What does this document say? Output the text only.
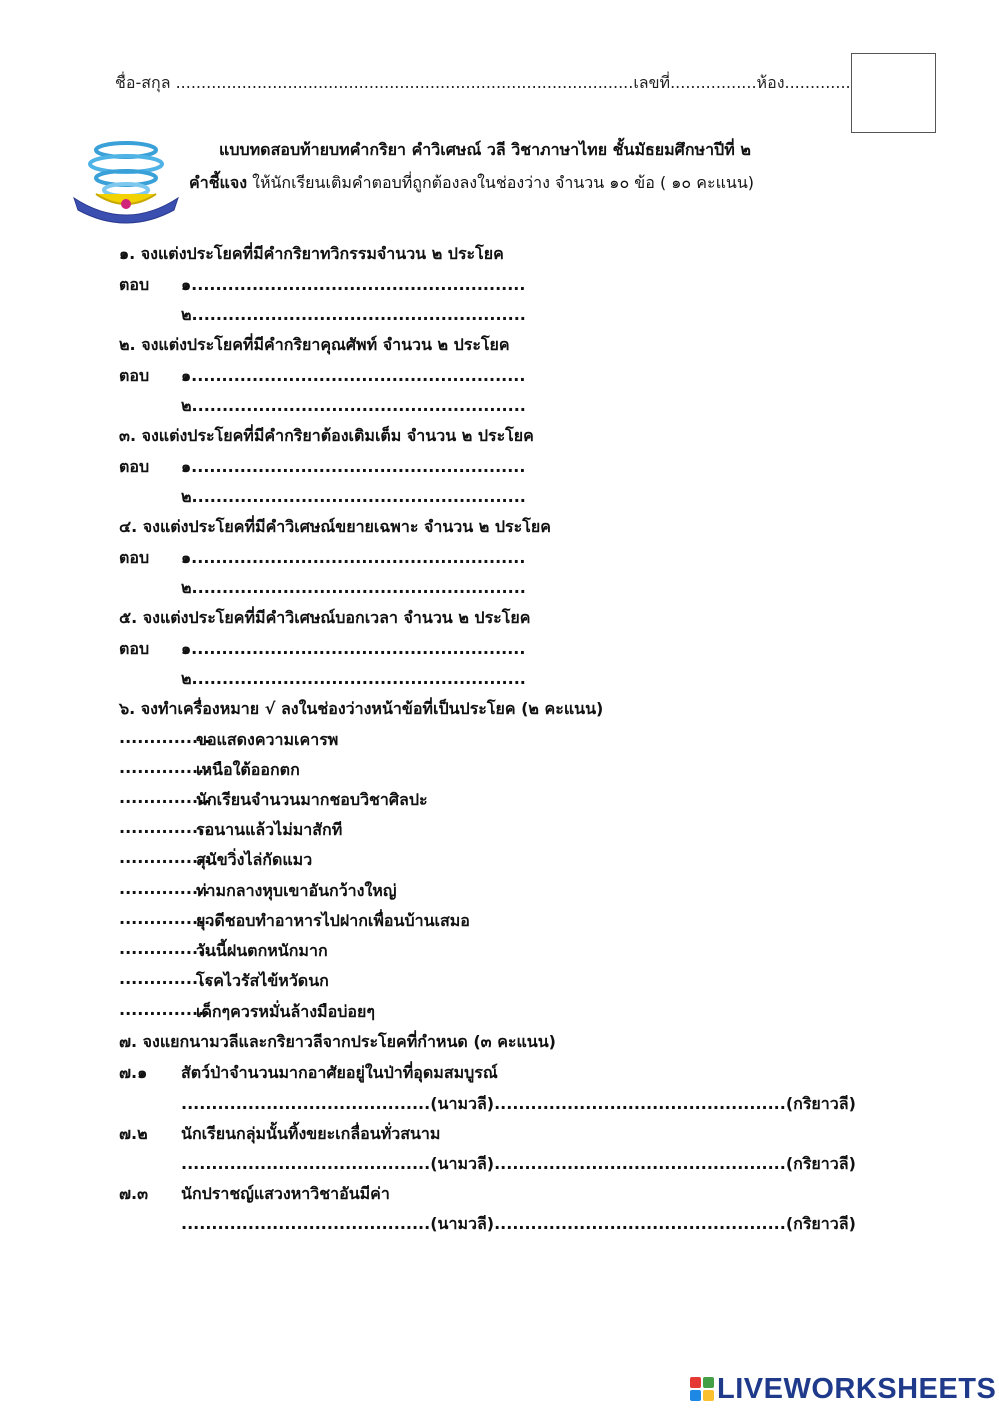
ชื่อ-สกุล ..........................................................................................เลขที่.................ห้อง.............
แบบทดสอบท้ายบทคำกริยา คำวิเศษณ์ วลี วิชาภาษาไทย ชั้นมัธยมศึกษาปีที่ ๒
คำชี้แจง ให้นักเรียนเติมคำตอบที่ถูกต้องลงในช่องว่าง จำนวน ๑๐ ข้อ ( ๑๐ คะแนน)
๑. จงแต่งประโยคที่มีคำกริยาทวิกรรมจำนวน ๒ ประโยค
ตอบ ๑.......................................................
๒.......................................................
๒. จงแต่งประโยคที่มีคำกริยาคุณศัพท์ จำนวน ๒ ประโยค
ตอบ ๑.......................................................
๒.......................................................
๓. จงแต่งประโยคที่มีคำกริยาต้องเติมเต็ม จำนวน ๒ ประโยค
ตอบ ๑.......................................................
๒.......................................................
๔. จงแต่งประโยคที่มีคำวิเศษณ์ขยายเฉพาะ จำนวน ๒ ประโยค
ตอบ ๑.......................................................
๒.......................................................
๕. จงแต่งประโยคที่มีคำวิเศษณ์บอกเวลา จำนวน ๒ ประโยค
ตอบ ๑.......................................................
๒.......................................................
๖. จงทำเครื่องหมาย √ ลงในช่องว่างหน้าข้อที่เป็นประโยค (๒ คะแนน)
...............
ขอแสดงความเคารพ
...............
เหนือใต้ออกตก
...............
นักเรียนจำนวนมากชอบวิชาศิลปะ
...............
รอนานแล้วไม่มาสักที
...............
สุนัขวิ่งไล่กัดแมว
...............
ท่ามกลางหุบเขาอันกว้างใหญ่
...............
ยุวดีชอบทำอาหารไปฝากเพื่อนบ้านเสมอ
...............
วันนี้ฝนตกหนักมาก
...............
โรคไวรัสไข้หวัดนก
...............
เด็กๆควรหมั่นล้างมือบ่อยๆ
๗. จงแยกนามวลีและกริยาวลีจากประโยคที่กำหนด (๓ คะแนน)
๗.๑ สัตว์ป่าจำนวนมากอาศัยอยู่ในป่าที่อุดมสมบูรณ์
.........................................(นามวลี)................................................(กริยาวลี)
๗.๒ นักเรียนกลุ่มนั้นทิ้งขยะเกลื่อนทั่วสนาม
.........................................(นามวลี)................................................(กริยาวลี)
๗.๓ นักปราชญ์แสวงหาวิชาอันมีค่า
.........................................(นามวลี)................................................(กริยาวลี)
LIVEWORKSHEETS
